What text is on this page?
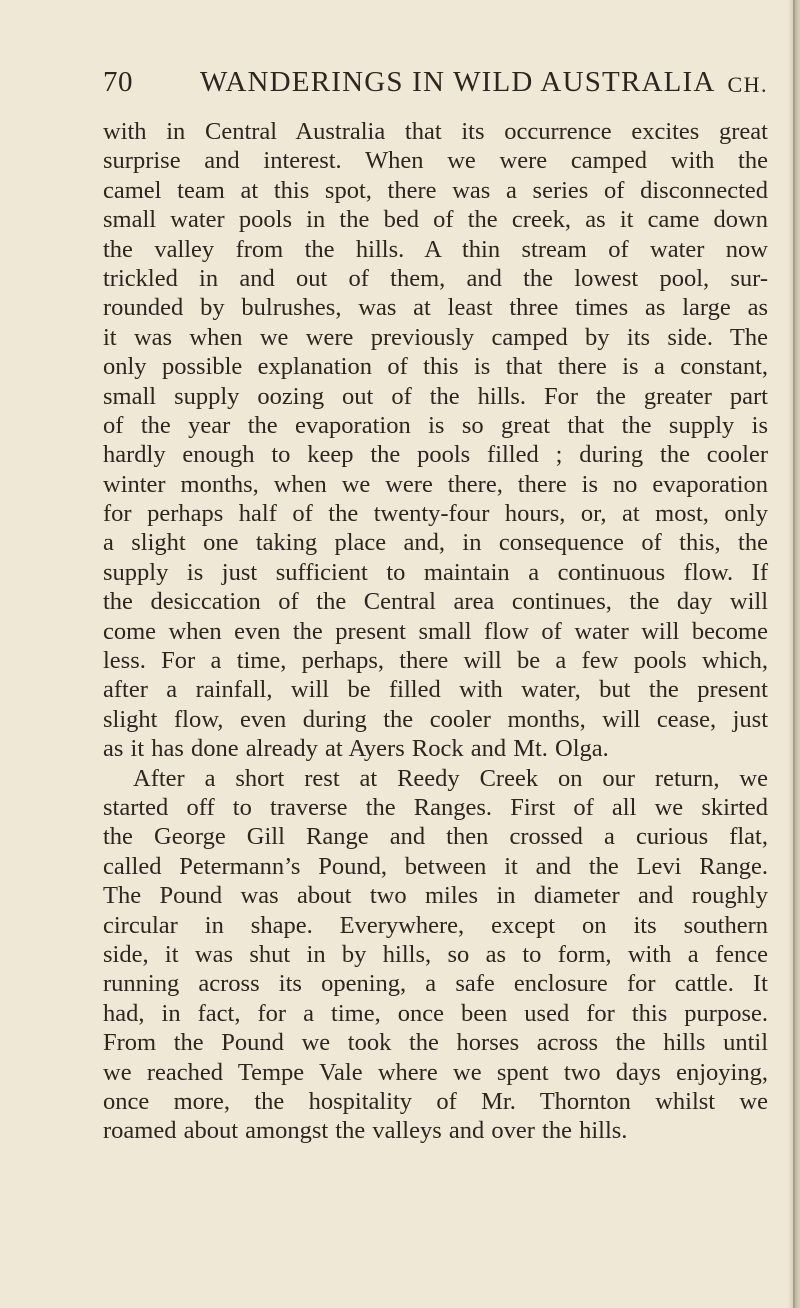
70 WANDERINGS IN WILD AUSTRALIA CH.
with in Central Australia that its occurrence excites great
surprise and interest. When we were camped with the
camel team at this spot, there was a series of disconnected
small water pools in the bed of the creek, as it came down
the valley from the hills. A thin stream of water now
trickled in and out of them, and the lowest pool, sur-
rounded by bulrushes, was at least three times as large as
it was when we were previously camped by its side. The
only possible explanation of this is that there is a constant,
small supply oozing out of the hills. For the greater part
of the year the evaporation is so great that the supply is
hardly enough to keep the pools filled ; during the cooler
winter months, when we were there, there is no evaporation
for perhaps half of the twenty-four hours, or, at most, only
a slight one taking place and, in consequence of this, the
supply is just sufficient to maintain a continuous flow. If
the desiccation of the Central area continues, the day will
come when even the present small flow of water will become
less. For a time, perhaps, there will be a few pools which,
after a rainfall, will be filled with water, but the present
slight flow, even during the cooler months, will cease, just
as it has done already at Ayers Rock and Mt. Olga.
After a short rest at Reedy Creek on our return, we
started off to traverse the Ranges. First of all we skirted
the George Gill Range and then crossed a curious flat,
called Petermann’s Pound, between it and the Levi Range.
The Pound was about two miles in diameter and roughly
circular in shape. Everywhere, except on its southern
side, it was shut in by hills, so as to form, with a fence
running across its opening, a safe enclosure for cattle. It
had, in fact, for a time, once been used for this purpose.
From the Pound we took the horses across the hills until
we reached Tempe Vale where we spent two days enjoying,
once more, the hospitality of Mr. Thornton whilst we
roamed about amongst the valleys and over the hills.
